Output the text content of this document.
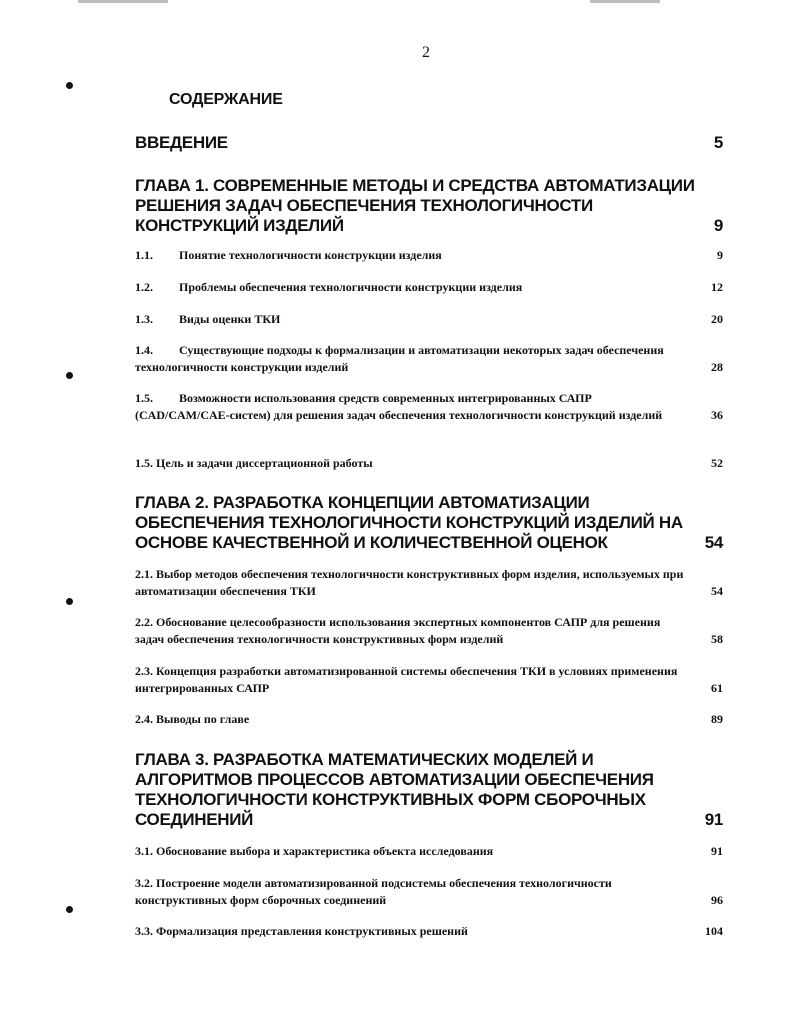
2
СОДЕРЖАНИЕ
ВВЕДЕНИЕ	5
ГЛАВА 1. СОВРЕМЕННЫЕ МЕТОДЫ И СРЕДСТВА АВТОМАТИЗАЦИИ РЕШЕНИЯ ЗАДАЧ ОБЕСПЕЧЕНИЯ ТЕХНОЛОГИЧНОСТИ КОНСТРУКЦИЙ ИЗДЕЛИЙ	9
1.1. Понятие технологичности конструкции изделия	9
1.2. Проблемы обеспечения технологичности конструкции изделия	12
1.3. Виды оценки ТКИ	20
1.4. Существующие подходы к формализации и автоматизации некоторых задач обеспечения технологичности конструкции изделий	28
1.5. Возможности использования средств современных интегрированных САПР (CAD/CAM/CAE-систем) для решения задач обеспечения технологичности конструкций изделий	36
1.5. Цель и задачи диссертационной работы	52
ГЛАВА 2. РАЗРАБОТКА КОНЦЕПЦИИ АВТОМАТИЗАЦИИ ОБЕСПЕЧЕНИЯ ТЕХНОЛОГИЧНОСТИ КОНСТРУКЦИЙ ИЗДЕЛИЙ НА ОСНОВЕ КАЧЕСТВЕННОЙ И КОЛИЧЕСТВЕННОЙ ОЦЕНОК	54
2.1. Выбор методов обеспечения технологичности конструктивных форм изделия, используемых при автоматизации обеспечения ТКИ	54
2.2. Обоснование целесообразности использования экспертных компонентов САПР для решения задач обеспечения технологичности конструктивных форм изделий	58
2.3. Концепция разработки автоматизированной системы обеспечения ТКИ в условиях применения интегрированных САПР	61
2.4. Выводы по главе	89
ГЛАВА 3. РАЗРАБОТКА МАТЕМАТИЧЕСКИХ МОДЕЛЕЙ И АЛГОРИТМОВ ПРОЦЕССОВ АВТОМАТИЗАЦИИ ОБЕСПЕЧЕНИЯ ТЕХНОЛОГИЧНОСТИ КОНСТРУКТИВНЫХ ФОРМ СБОРОЧНЫХ СОЕДИНЕНИЙ	91
3.1. Обоснование выбора и характеристика объекта исследования	91
3.2. Построение модели автоматизированной подсистемы обеспечения технологичности конструктивных форм сборочных соединений	96
3.3. Формализация представления конструктивных решений	104
